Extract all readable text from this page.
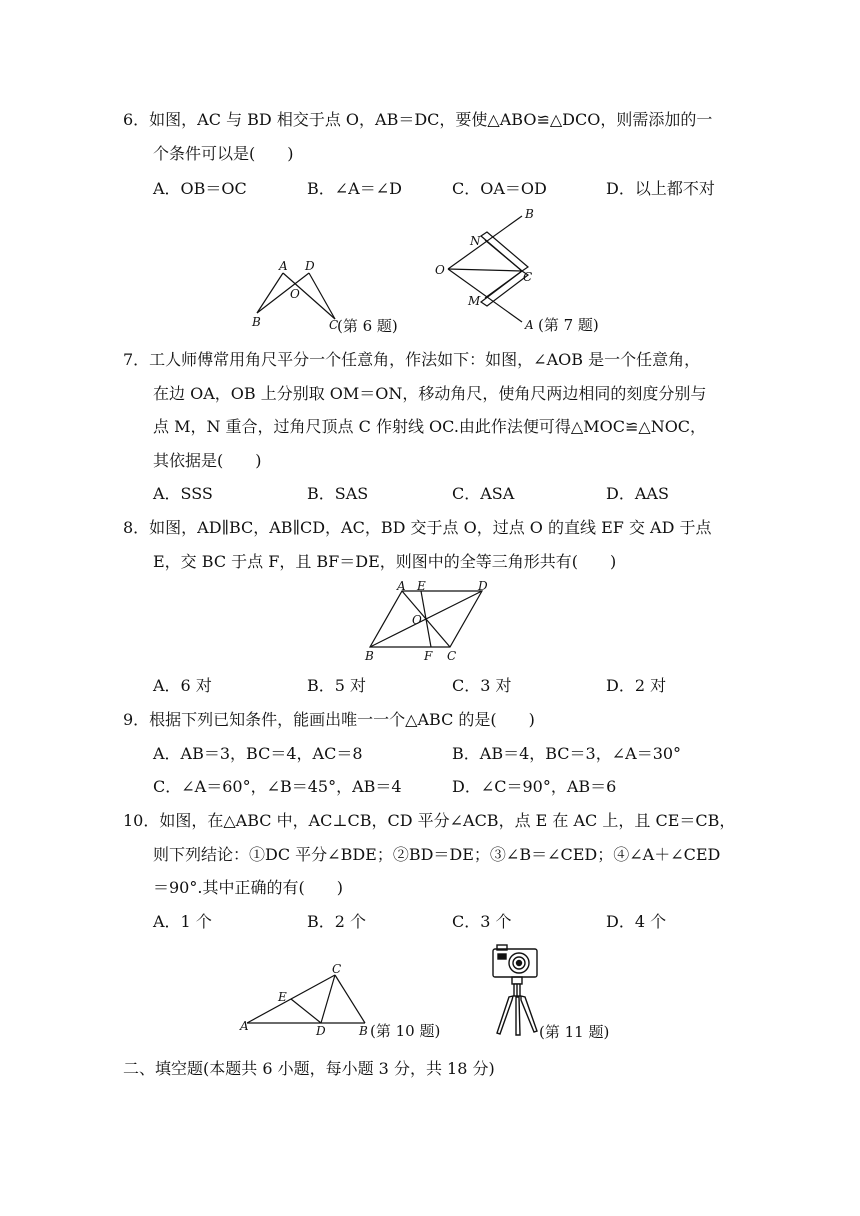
6．如图，AC 与 BD 相交于点 O，AB＝DC，要使△ABO≌△DCO，则需添加的一
个条件可以是(　　)
A．OB＝OC	B．∠A＝∠D	C．OA＝OD	D．以上都不对
A D
O
B	C
(第 6 题)
B
N
O	C
M
A (第 7 题)
7．工人师傅常用角尺平分一个任意角，作法如下：如图，∠AOB 是一个任意角，
在边 OA，OB 上分别取 OM＝ON，移动角尺，使角尺两边相同的刻度分别与
点 M，N 重合，过角尺顶点 C 作射线 OC.由此作法便可得△MOC≌△NOC，
其依据是(　　)
A．SSS	B．SAS	C．ASA	D．AAS
8．如图，AD∥BC，AB∥CD，AC，BD 交于点 O，过点 O 的直线 EF 交 AD 于点
E，交 BC 于点 F，且 BF＝DE，则图中的全等三角形共有(　　)
A E	D
O
B	F C
A．6 对	B．5 对	C．3 对	D．2 对
9．根据下列已知条件，能画出唯一一个△ABC 的是(　　)
A．AB＝3，BC＝4，AC＝8	B．AB＝4，BC＝3，∠A＝30°
C．∠A＝60°，∠B＝45°，AB＝4	D．∠C＝90°，AB＝6
10．如图，在△ABC 中，AC⊥CB，CD 平分∠ACB，点 E 在 AC 上，且 CE＝CB，
则下列结论：①DC 平分∠BDE；②BD＝DE；③∠B＝∠CED；④∠A＋∠CED
＝90°.其中正确的有(　　)
A．1 个	B．2 个	C．3 个	D．4 个
C
E
A	D	B (第 10 题)	(第 11 题)
二、填空题(本题共 6 小题，每小题 3 分，共 18 分)
